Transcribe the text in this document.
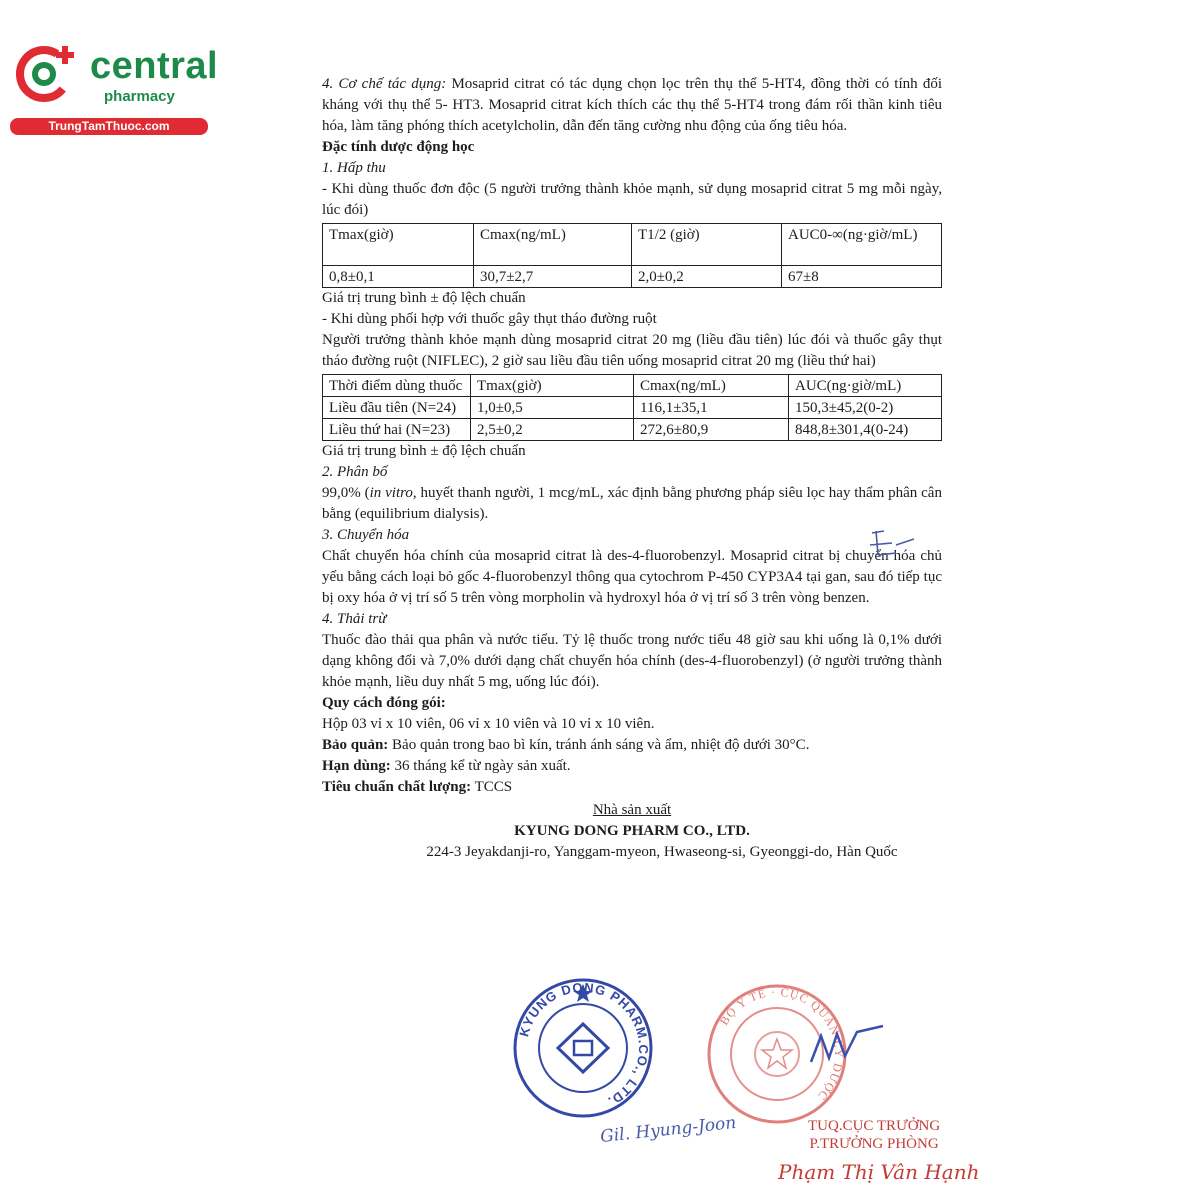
central
pharmacy
TrungTamThuoc.com

4. Cơ chế tác dụng: Mosaprid citrat có tác dụng chọn lọc trên thụ thể 5-HT4, đồng thời có tính đối kháng với thụ thể 5- HT3. Mosaprid citrat kích thích các thụ thể 5-HT4 trong đám rối thần kinh tiêu hóa, làm tăng phóng thích acetylcholin, dẫn đến tăng cường nhu động của ống tiêu hóa.

Đặc tính dược động học

1. Hấp thu

- Khi dùng thuốc đơn độc (5 người trưởng thành khỏe mạnh, sử dụng mosaprid citrat 5 mg mỗi ngày, lúc đói)

Tmax(giờ)	Cmax(ng/mL)	T1/2 (giờ)	AUC0-∞(ng·giờ/mL)
0,8±0,1	30,7±2,7	2,0±0,2	67±8

Giá trị trung bình ± độ lệch chuẩn

- Khi dùng phối hợp với thuốc gây thụt tháo đường ruột

Người trưởng thành khỏe mạnh dùng mosaprid citrat 20 mg (liều đầu tiên) lúc đói và thuốc gây thụt tháo đường ruột (NIFLEC), 2 giờ sau liều đầu tiên uống mosaprid citrat 20 mg (liều thứ hai)

Thời điểm dùng thuốc	Tmax(giờ)	Cmax(ng/mL)	AUC(ng·giờ/mL)
Liều đầu tiên (N=24)	1,0±0,5	116,1±35,1	150,3±45,2(0-2)
Liều thứ hai (N=23)	2,5±0,2	272,6±80,9	848,8±301,4(0-24)

Giá trị trung bình ± độ lệch chuẩn

2. Phân bố

99,0% (in vitro, huyết thanh người, 1 mcg/mL, xác định bằng phương pháp siêu lọc hay thẩm phân cân bằng (equilibrium dialysis).

3. Chuyển hóa

Chất chuyển hóa chính của mosaprid citrat là des-4-fluorobenzyl. Mosaprid citrat bị chuyển hóa chủ yếu bằng cách loại bỏ gốc 4-fluorobenzyl thông qua cytochrom P-450 CYP3A4 tại gan, sau đó tiếp tục bị oxy hóa ở vị trí số 5 trên vòng morpholin và hydroxyl hóa ở vị trí số 3 trên vòng benzen.

4. Thải trừ

Thuốc đào thải qua phân và nước tiểu. Tỷ lệ thuốc trong nước tiểu 48 giờ sau khi uống là 0,1% dưới dạng không đổi và 7,0% dưới dạng chất chuyển hóa chính (des-4-fluorobenzyl) (ở người trưởng thành khỏe mạnh, liều duy nhất 5 mg, uống lúc đói).

Quy cách đóng gói:

Hộp 03 vỉ x 10 viên, 06 vỉ x 10 viên và 10 vỉ x 10 viên.

Bảo quản: Bảo quản trong bao bì kín, tránh ánh sáng và ẩm, nhiệt độ dưới 30°C.

Hạn dùng: 36 tháng kể từ ngày sản xuất.

Tiêu chuẩn chất lượng: TCCS

Nhà sản xuất

KYUNG DONG PHARM CO., LTD.

224-3 Jeyakdanji-ro, Yanggam-myeon, Hwaseong-si, Gyeonggi-do, Hàn Quốc

KYUNG DONG PHARM.CO., LTD.
BỘ Y TẾ · CỤC QUẢN LÝ DƯỢC
Gil. Hyung-Joon	TUQ.CỤC TRƯỞNG
P.TRƯỞNG PHÒNG
Phạm Thị Vân Hạnh
